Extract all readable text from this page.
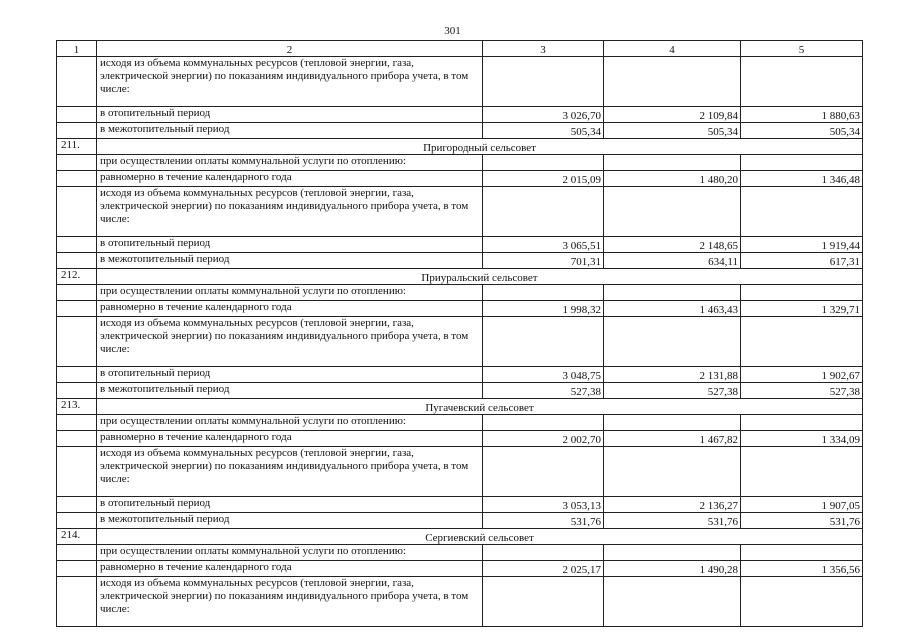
301
1	2	3	4	5
	исходя из объема коммунальных ресурсов (тепловой энергии, газа, электрической энергии) по показаниям индивидуального прибора учета, в том числе:			
	в отопительный период	3 026,70	2 109,84	1 880,63
	в межотопительный период	505,34	505,34	505,34
211.	Пригородный сельсовет			
	при осуществлении оплаты коммунальной услуги по отоплению:			
	равномерно в течение календарного года	2 015,09	1 480,20	1 346,48
	исходя из объема коммунальных ресурсов (тепловой энергии, газа, электрической энергии) по показаниям индивидуального прибора учета, в том числе:			
	в отопительный период	3 065,51	2 148,65	1 919,44
	в межотопительный период	701,31	634,11	617,31
212.	Приуральский сельсовет			
	при осуществлении оплаты коммунальной услуги по отоплению:			
	равномерно в течение календарного года	1 998,32	1 463,43	1 329,71
	исходя из объема коммунальных ресурсов (тепловой энергии, газа, электрической энергии) по показаниям индивидуального прибора учета, в том числе:			
	в отопительный период	3 048,75	2 131,88	1 902,67
	в межотопительный период	527,38	527,38	527,38
213.	Пугачевский сельсовет			
	при осуществлении оплаты коммунальной услуги по отоплению:			
	равномерно в течение календарного года	2 002,70	1 467,82	1 334,09
	исходя из объема коммунальных ресурсов (тепловой энергии, газа, электрической энергии) по показаниям индивидуального прибора учета, в том числе:			
	в отопительный период	3 053,13	2 136,27	1 907,05
	в межотопительный период	531,76	531,76	531,76
214.	Сергиевский сельсовет			
	при осуществлении оплаты коммунальной услуги по отоплению:			
	равномерно в течение календарного года	2 025,17	1 490,28	1 356,56
	исходя из объема коммунальных ресурсов (тепловой энергии, газа, электрической энергии) по показаниям индивидуального прибора учета, в том числе:			
